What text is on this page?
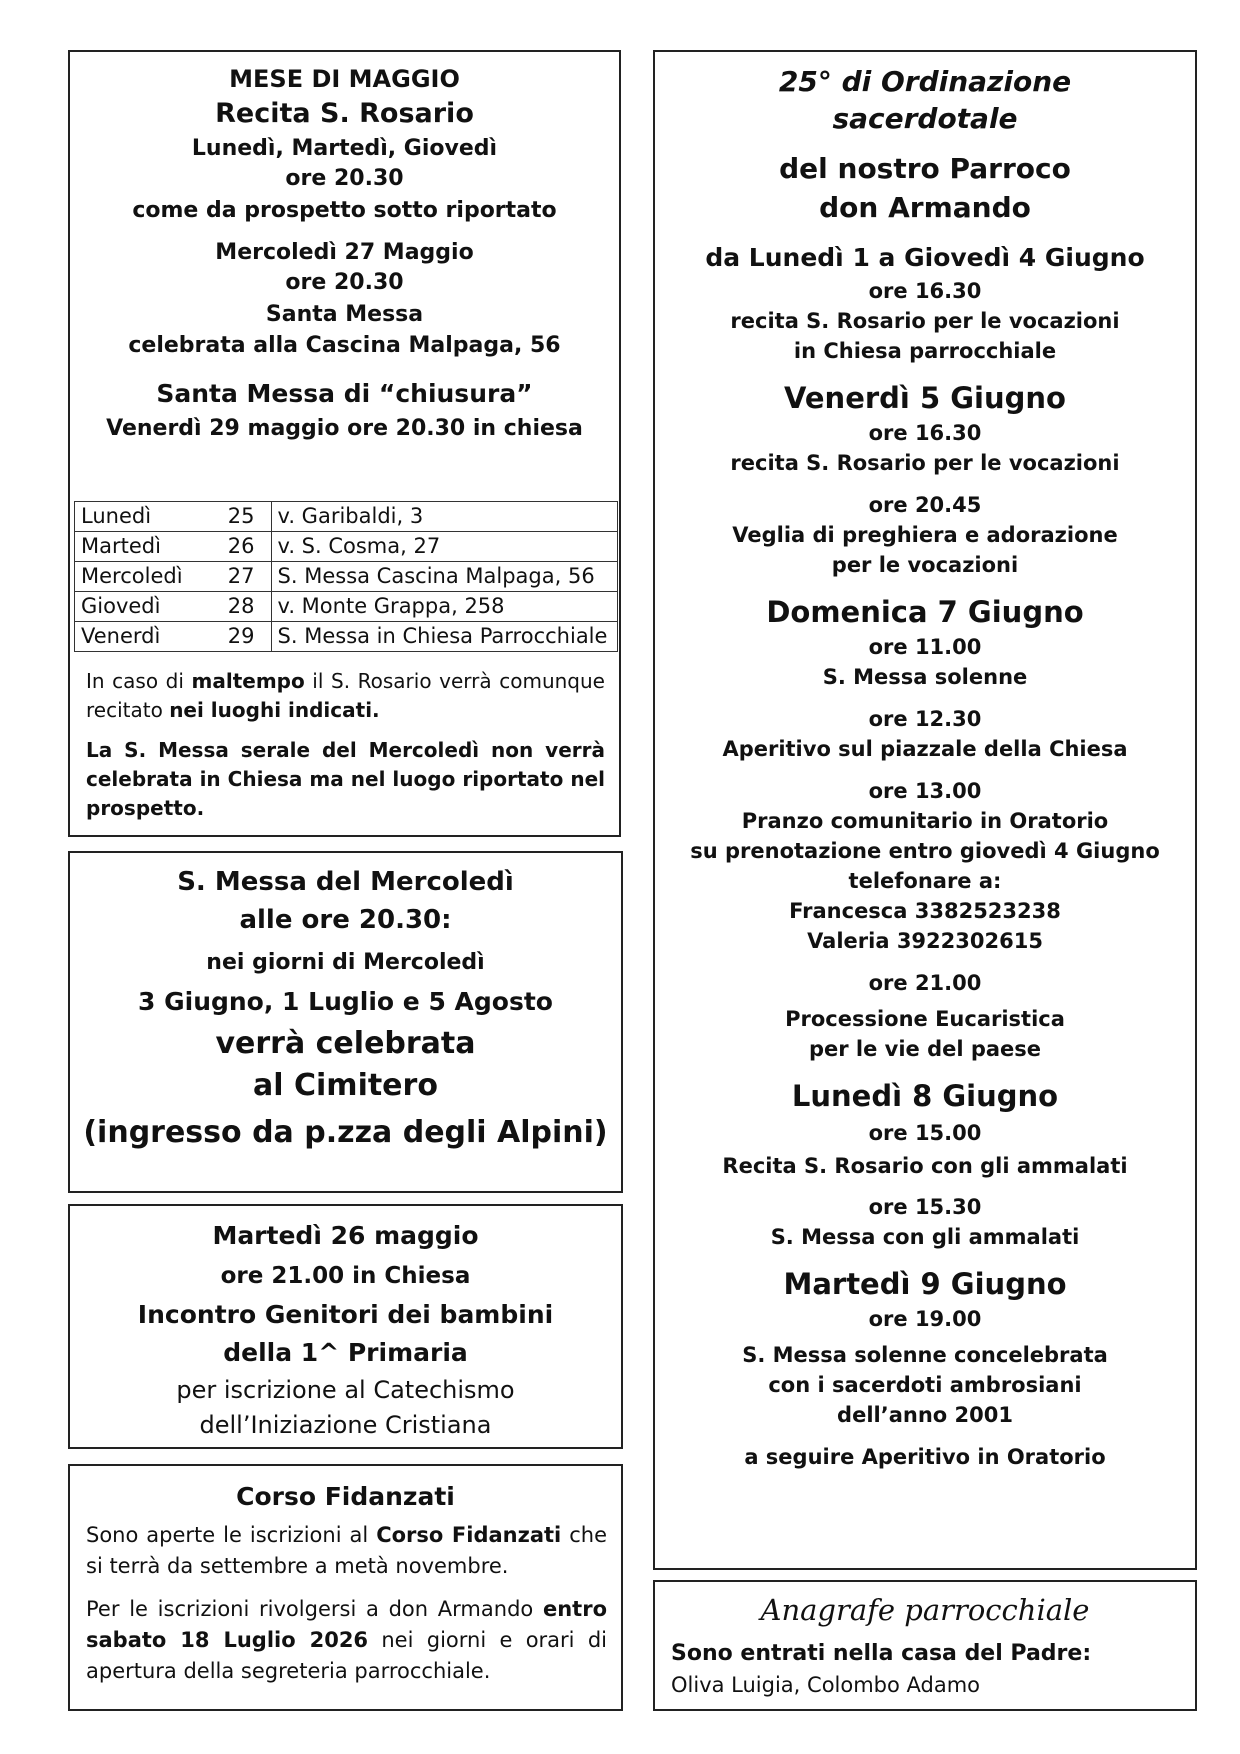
MESE DI MAGGIO
Recita S. Rosario
Lunedì, Martedì, Giovedì
ore 20.30
come da prospetto sotto riportato
Mercoledì 27 Maggio
ore 20.30
Santa Messa
celebrata alla Cascina Malpaga, 56
Santa Messa di “chiusura”
Venerdì 29 maggio ore 20.30 in chiesa
Lunedì	25	v. Garibaldi, 3
Martedì	26	v. S. Cosma, 27
Mercoledì	27	S. Messa Cascina Malpaga, 56
Giovedì	28	v. Monte Grappa, 258
Venerdì	29	S. Messa in Chiesa Parrocchiale
In caso di maltempo il S. Rosario verrà comunque recitato nei luoghi indicati.
La S. Messa serale del Mercoledì non verrà celebrata in Chiesa ma nel luogo riportato nel prospetto.
S. Messa del Mercoledì
alle ore 20.30:
nei giorni di Mercoledì
3 Giugno, 1 Luglio e 5 Agosto
verrà celebrata
al Cimitero
(ingresso da p.zza degli Alpini)
Martedì 26 maggio
ore 21.00 in Chiesa
Incontro Genitori dei bambini
della 1^ Primaria
per iscrizione al Catechismo
dell’Iniziazione Cristiana
Corso Fidanzati
Sono aperte le iscrizioni al Corso Fidanzati che si terrà da settembre a metà novembre.
Per le iscrizioni rivolgersi a don Armando entro sabato 18 Luglio 2026 nei giorni e orari di apertura della segreteria parrocchiale.
25° di Ordinazione
sacerdotale
del nostro Parroco
don Armando
da Lunedì 1 a Giovedì 4 Giugno
ore 16.30
recita S. Rosario per le vocazioni
in Chiesa parrocchiale
Venerdì 5 Giugno
ore 16.30
recita S. Rosario per le vocazioni
ore 20.45
Veglia di preghiera e adorazione
per le vocazioni
Domenica 7 Giugno
ore 11.00
S. Messa solenne
ore 12.30
Aperitivo sul piazzale della Chiesa
ore 13.00
Pranzo comunitario in Oratorio
su prenotazione entro giovedì 4 Giugno
telefonare a:
Francesca 3382523238
Valeria 3922302615
ore 21.00
Processione Eucaristica
per le vie del paese
Lunedì 8 Giugno
ore 15.00
Recita S. Rosario con gli ammalati
ore 15.30
S. Messa con gli ammalati
Martedì 9 Giugno
ore 19.00
S. Messa solenne concelebrata
con i sacerdoti ambrosiani
dell’anno 2001
a seguire Aperitivo in Oratorio
Anagrafe parrocchiale
Sono entrati nella casa del Padre:
Oliva Luigia, Colombo Adamo
